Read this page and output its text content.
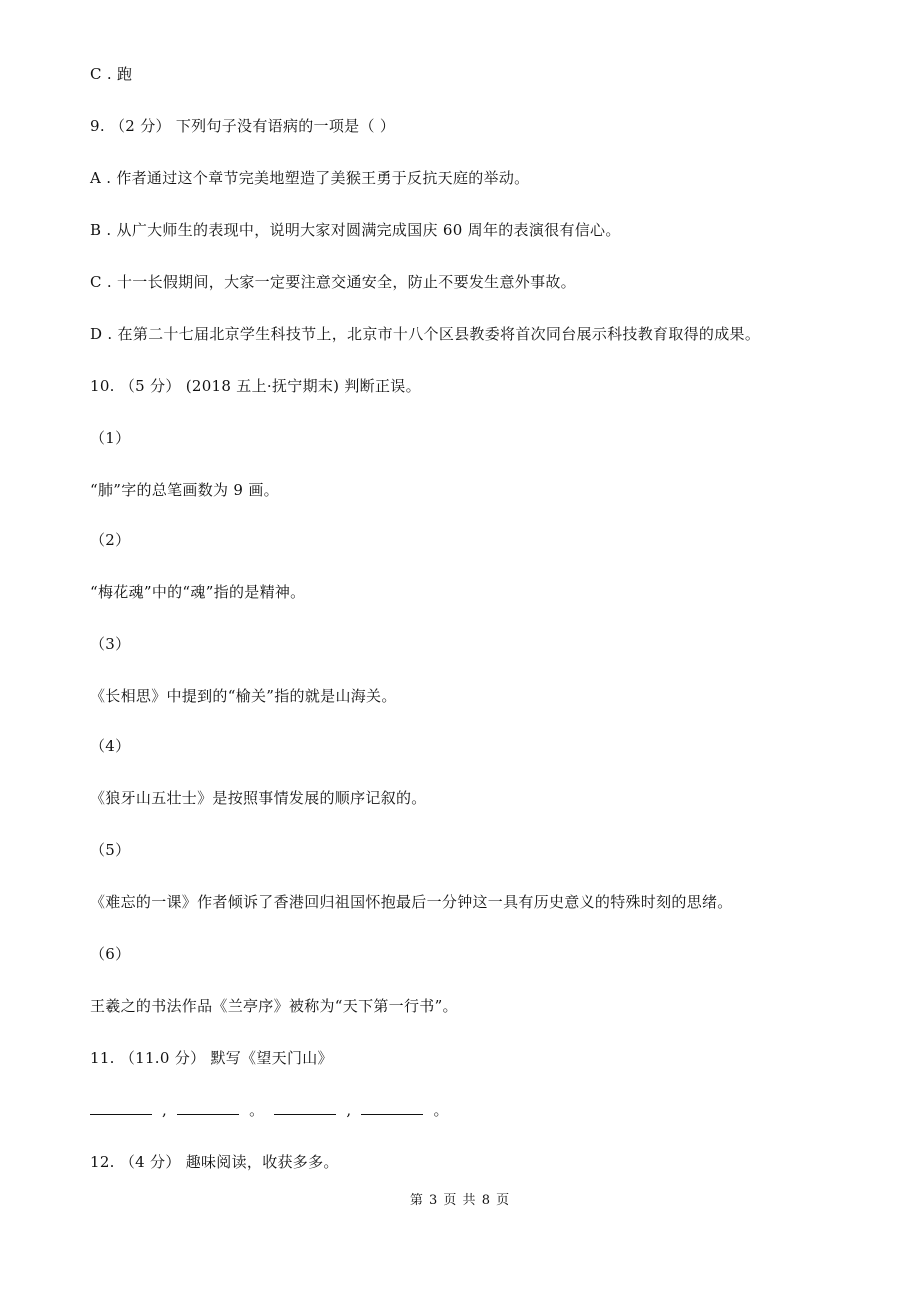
C . 跑
9. （2 分） 下列句子没有语病的一项是（ ）
A . 作者通过这个章节完美地塑造了美猴王勇于反抗天庭的举动。
B . 从广大师生的表现中，说明大家对圆满完成国庆 60 周年的表演很有信心。
C . 十一长假期间，大家一定要注意交通安全，防止不要发生意外事故。
D . 在第二十七届北京学生科技节上，北京市十八个区县教委将首次同台展示科技教育取得的成果。
10. （5 分） (2018 五上·抚宁期末) 判断正误。
（1）
“肺”字的总笔画数为 9 画。
（2）
“梅花魂”中的“魂”指的是精神。
（3）
《长相思》中提到的“榆关”指的就是山海关。
（4）
《狼牙山五壮士》是按照事情发展的顺序记叙的。
（5）
《难忘的一课》作者倾诉了香港回归祖国怀抱最后一分钟这一具有历史意义的特殊时刻的思绪。
（6）
王羲之的书法作品《兰亭序》被称为“天下第一行书”。
11. （11.0 分） 默写《望天门山》
,	。	,	。
12. （4 分） 趣味阅读，收获多多。
第 3 页 共 8 页
